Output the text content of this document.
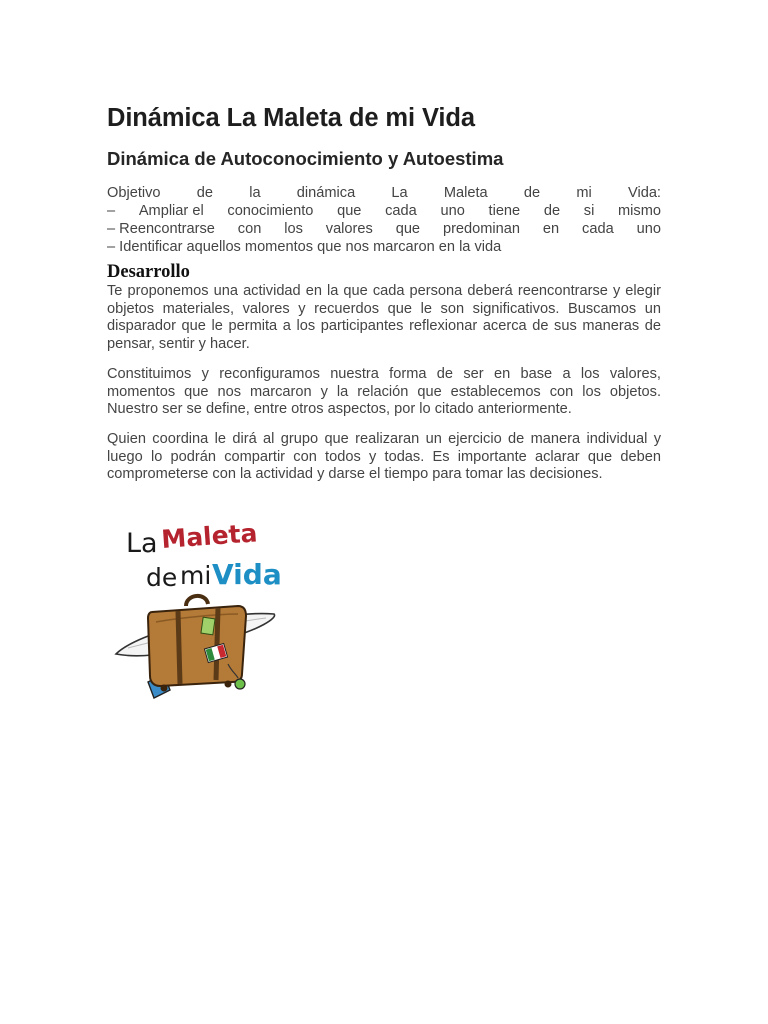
Dinámica La Maleta de mi Vida
Dinámica de Autoconocimiento y Autoestima
Objetivo de la dinámica La Maleta de mi Vida:
– Ampliar el conocimiento que cada uno tiene de si mismo
– Reencontrarse con los valores que predominan en cada uno
– Identificar aquellos momentos que nos marcaron en la vida
Desarrollo

Te proponemos una actividad en la que cada persona deberá reencontrarse y elegir objetos materiales, valores y recuerdos que le son significativos. Buscamos un disparador que le permita a los participantes reflexionar acerca de sus maneras de pensar, sentir y hacer.

Constituimos y reconfiguramos nuestra forma de ser en base a los valores, momentos que nos marcaron y la relación que establecemos con los objetos. Nuestro ser se define, entre otros aspectos, por lo citado anteriormente.

Quien coordina le dirá al grupo que realizaran un ejercicio de manera individual y luego lo podrán compartir con todos y todas. Es importante aclarar que deben comprometerse con la actividad y darse el tiempo para tomar las decisiones.

La Maleta
de mi Vida
